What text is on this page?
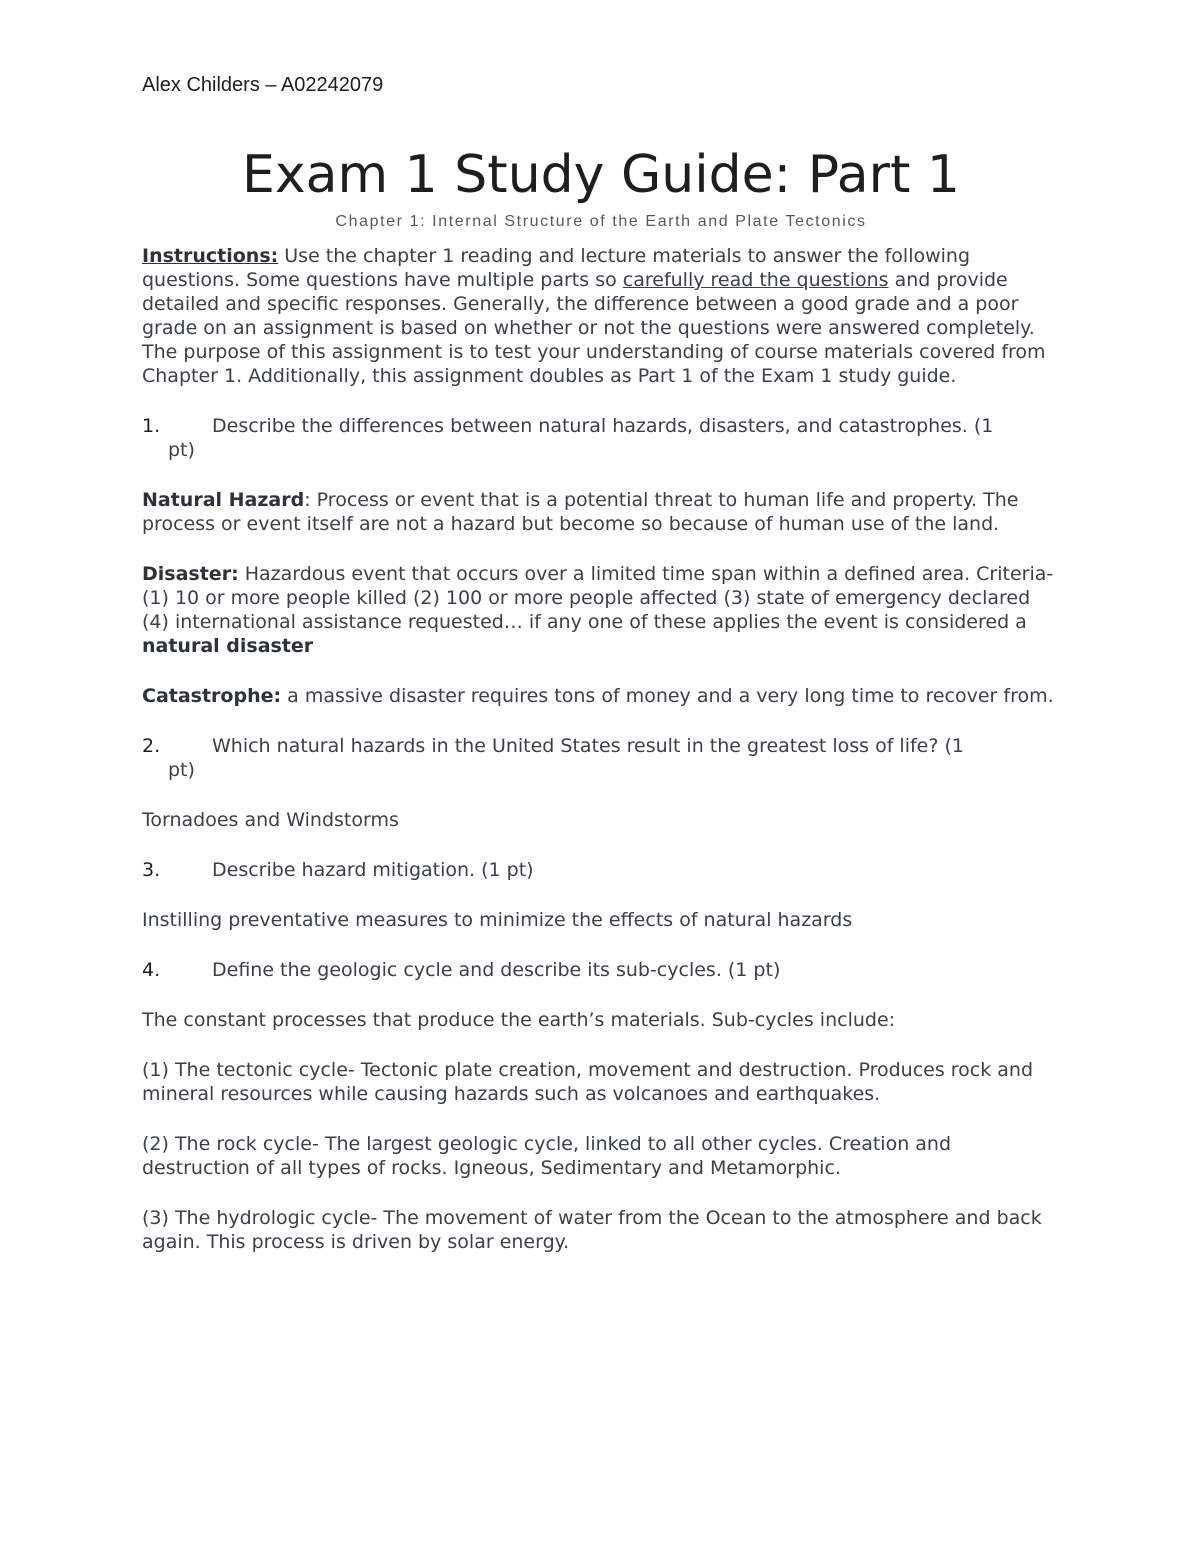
Alex Childers – A02242079

Exam 1 Study Guide: Part 1
Chapter 1: Internal Structure of the Earth and Plate Tectonics

Instructions: Use the chapter 1 reading and lecture materials to answer the following questions. Some questions have multiple parts so carefully read the questions and provide detailed and specific responses. Generally, the difference between a good grade and a poor grade on an assignment is based on whether or not the questions were answered completely.

The purpose of this assignment is to test your understanding of course materials covered from Chapter 1. Additionally, this assignment doubles as Part 1 of the Exam 1 study guide.

1.	Describe the differences between natural hazards, disasters, and catastrophes. (1
pt)

Natural Hazard: Process or event that is a potential threat to human life and property. The process or event itself are not a hazard but become so because of human use of the land.

Disaster: Hazardous event that occurs over a limited time span within a defined area. Criteria- (1) 10 or more people killed (2) 100 or more people affected (3) state of emergency declared (4) international assistance requested… if any one of these applies the event is considered a natural disaster

Catastrophe: a massive disaster requires tons of money and a very long time to recover from.

2.	Which natural hazards in the United States result in the greatest loss of life? (1
pt)

Tornadoes and Windstorms

3.	Describe hazard mitigation. (1 pt)

Instilling preventative measures to minimize the effects of natural hazards

4.	Define the geologic cycle and describe its sub-cycles. (1 pt)

The constant processes that produce the earth’s materials. Sub-cycles include:

(1) The tectonic cycle- Tectonic plate creation, movement and destruction. Produces rock and mineral resources while causing hazards such as volcanoes and earthquakes.

(2) The rock cycle- The largest geologic cycle, linked to all other cycles. Creation and destruction of all types of rocks. Igneous, Sedimentary and Metamorphic.

(3) The hydrologic cycle- The movement of water from the Ocean to the atmosphere and back again. This process is driven by solar energy.
